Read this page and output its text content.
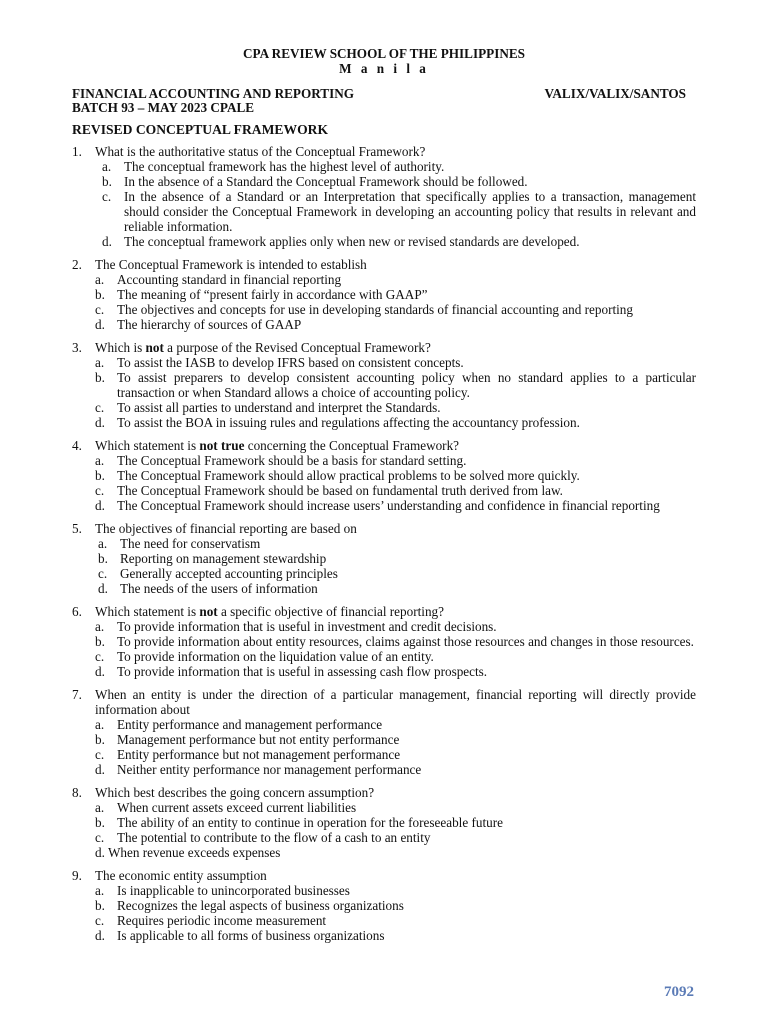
CPA REVIEW SCHOOL OF THE PHILIPPINES
M a n i l a
FINANCIAL ACCOUNTING AND REPORTING	VALIX/VALIX/SANTOS
BATCH 93 – MAY 2023 CPALE
REVISED CONCEPTUAL FRAMEWORK
1. What is the authoritative status of the Conceptual Framework?
a. The conceptual framework has the highest level of authority.
b. In the absence of a Standard the Conceptual Framework should be followed.
c. In the absence of a Standard or an Interpretation that specifically applies to a transaction, management should consider the Conceptual Framework in developing an accounting policy that results in relevant and reliable information.
d. The conceptual framework applies only when new or revised standards are developed.
2. The Conceptual Framework is intended to establish
a. Accounting standard in financial reporting
b. The meaning of “present fairly in accordance with GAAP”
c. The objectives and concepts for use in developing standards of financial accounting and reporting
d. The hierarchy of sources of GAAP
3. Which is not a purpose of the Revised Conceptual Framework?
a. To assist the IASB to develop IFRS based on consistent concepts.
b. To assist preparers to develop consistent accounting policy when no standard applies to a particular transaction or when Standard allows a choice of accounting policy.
c. To assist all parties to understand and interpret the Standards.
d. To assist the BOA in issuing rules and regulations affecting the accountancy profession.
4. Which statement is not true concerning the Conceptual Framework?
a. The Conceptual Framework should be a basis for standard setting.
b. The Conceptual Framework should allow practical problems to be solved more quickly.
c. The Conceptual Framework should be based on fundamental truth derived from law.
d. The Conceptual Framework should increase users’ understanding and confidence in financial reporting
5. The objectives of financial reporting are based on
a. The need for conservatism
b. Reporting on management stewardship
c. Generally accepted accounting principles
d. The needs of the users of information
6. Which statement is not a specific objective of financial reporting?
a. To provide information that is useful in investment and credit decisions.
b. To provide information about entity resources, claims against those resources and changes in those resources.
c. To provide information on the liquidation value of an entity.
d. To provide information that is useful in assessing cash flow prospects.
7. When an entity is under the direction of a particular management, financial reporting will directly provide information about
a. Entity performance and management performance
b. Management performance but not entity performance
c. Entity performance but not management performance
d. Neither entity performance nor management performance
8. Which best describes the going concern assumption?
a. When current assets exceed current liabilities
b. The ability of an entity to continue in operation for the foreseeable future
c. The potential to contribute to the flow of a cash to an entity
d. When revenue exceeds expenses
9. The economic entity assumption
a. Is inapplicable to unincorporated businesses
b. Recognizes the legal aspects of business organizations
c. Requires periodic income measurement
d. Is applicable to all forms of business organizations
7092
